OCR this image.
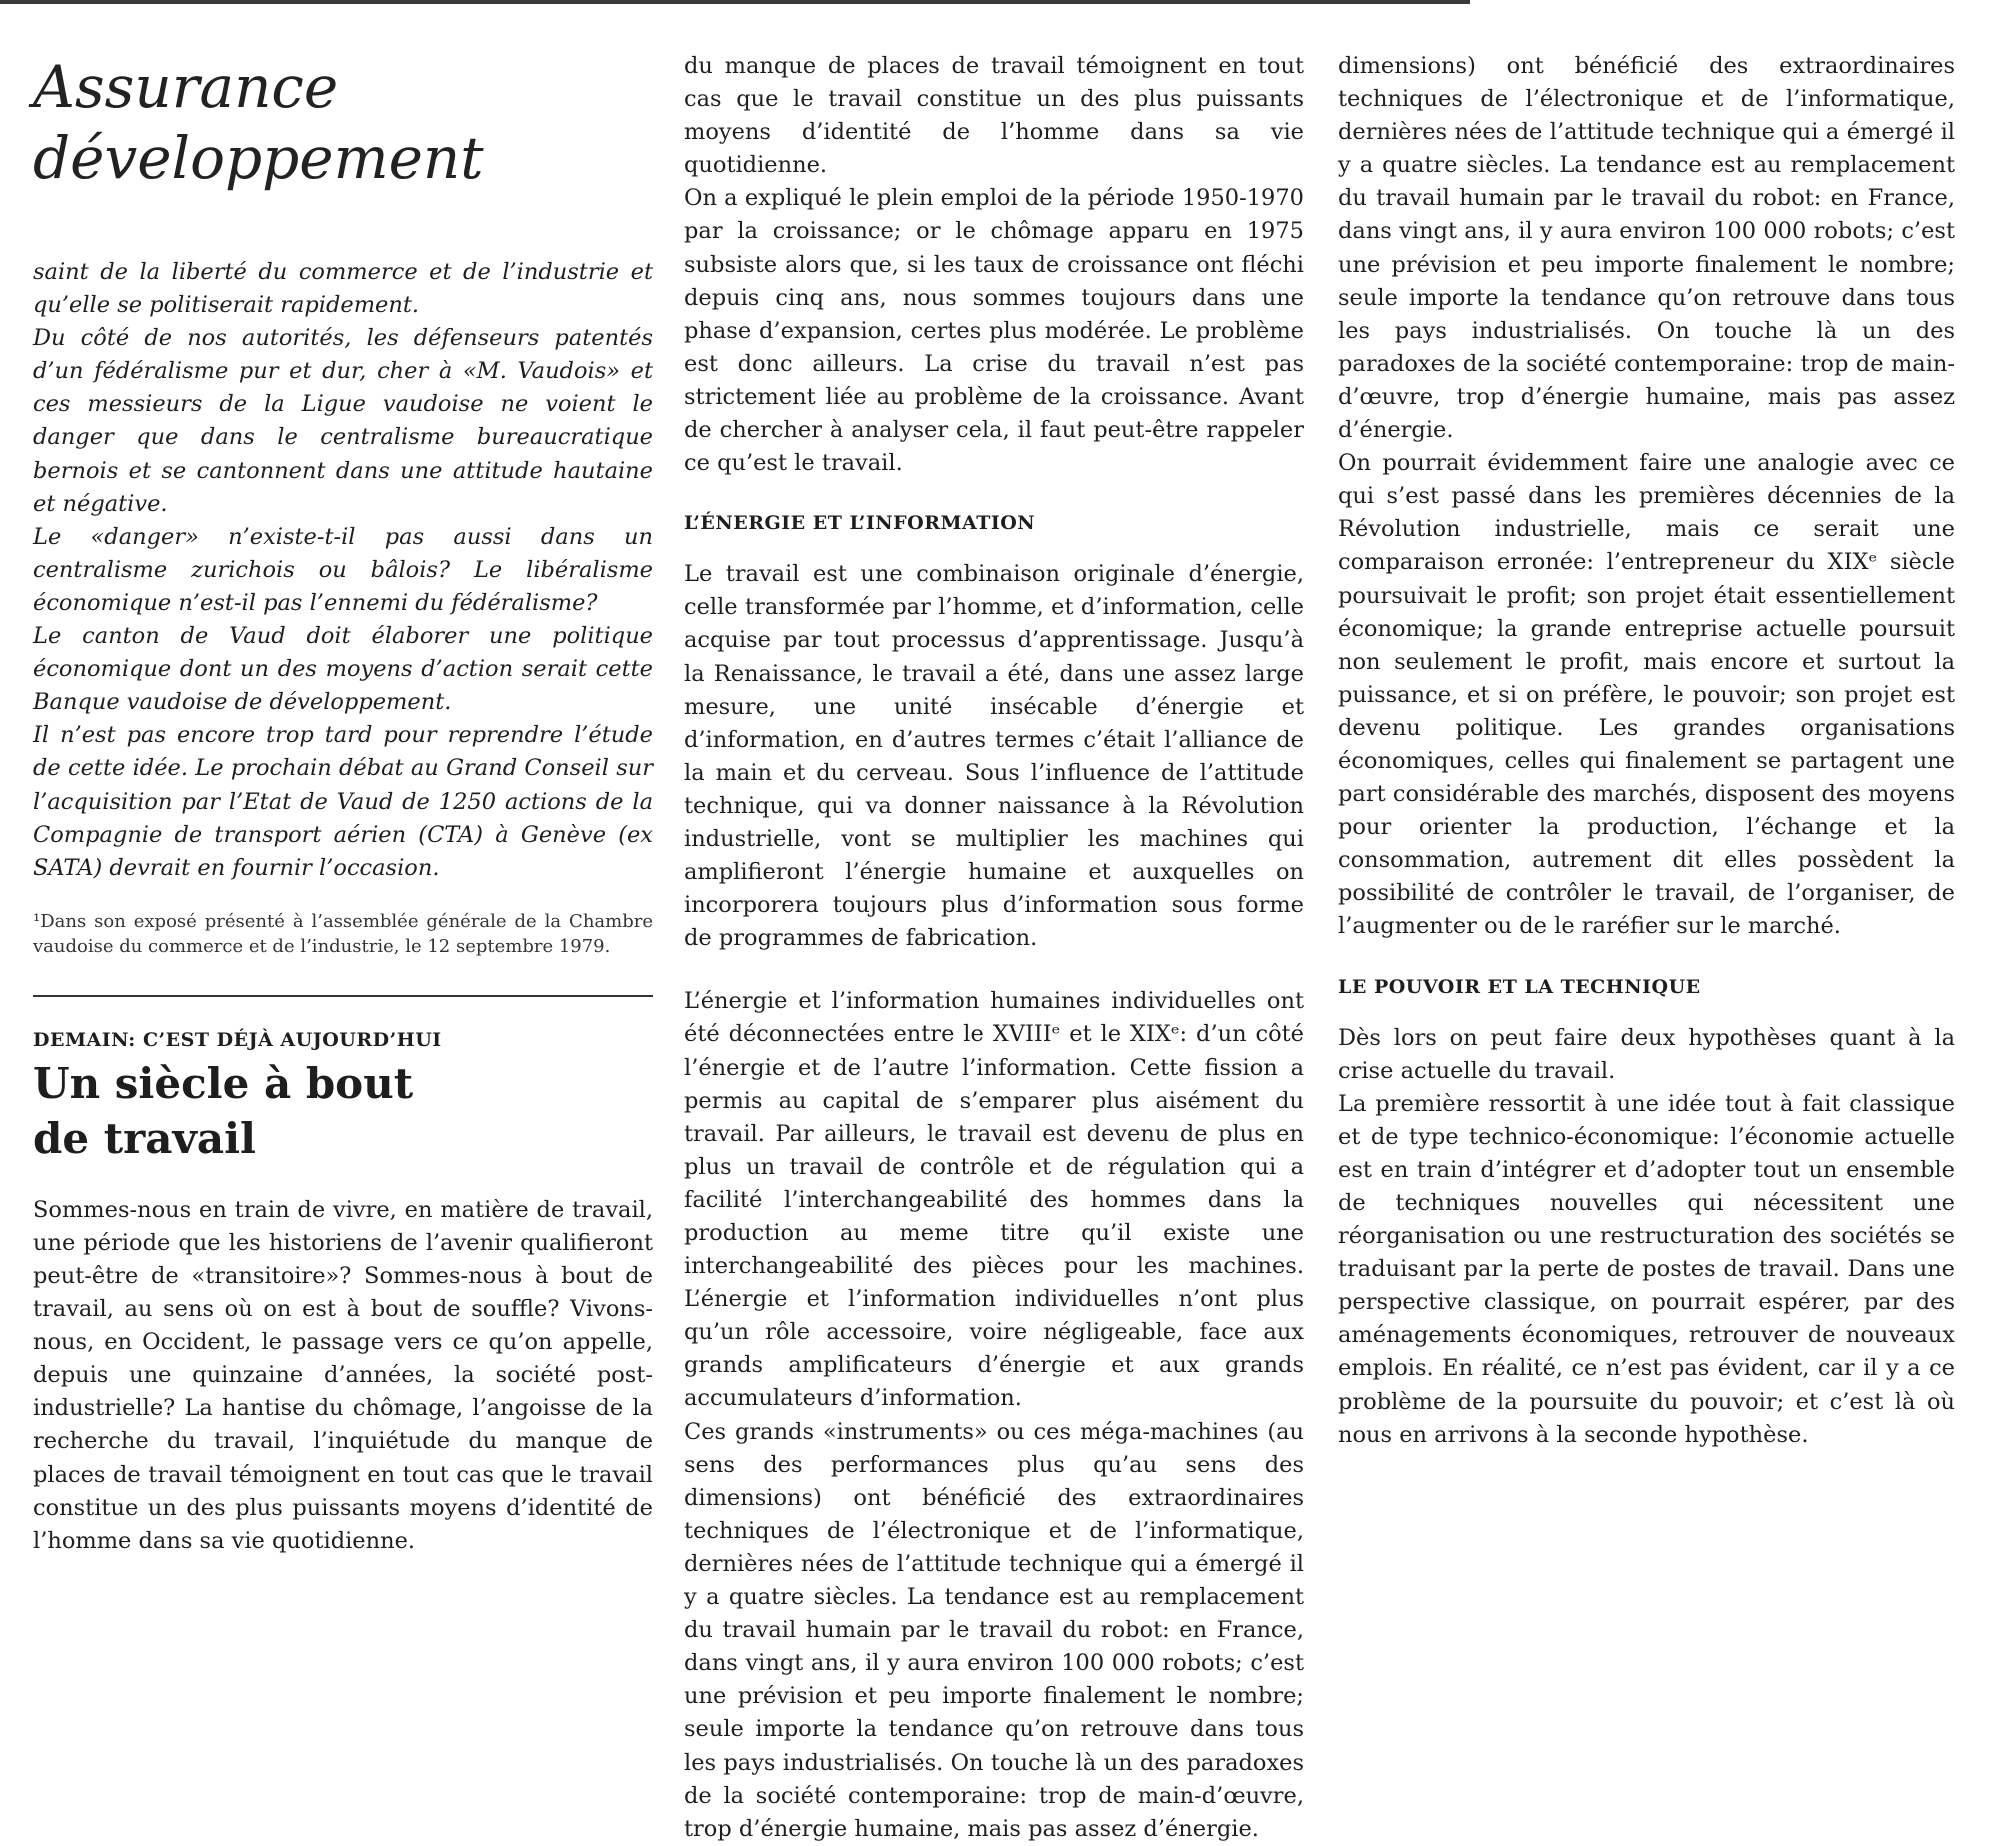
Assurance
développement

saint de la liberté du commerce et de l’industrie et qu’elle se politiserait rapidement.

Du côté de nos autorités, les défenseurs patentés d’un fédéralisme pur et dur, cher à «M. Vaudois» et ces messieurs de la Ligue vaudoise ne voient le danger que dans le centralisme bureaucratique bernois et se cantonnent dans une attitude hautaine et négative.

Le «danger» n’existe-t-il pas aussi dans un centralisme zurichois ou bâlois? Le libéralisme économique n’est-il pas l’ennemi du fédéralisme?

Le canton de Vaud doit élaborer une politique économique dont un des moyens d’action serait cette Banque vaudoise de développement.

Il n’est pas encore trop tard pour reprendre l’étude de cette idée. Le prochain débat au Grand Conseil sur l’acquisition par l’Etat de Vaud de 1250 actions de la Compagnie de transport aérien (CTA) à Genève (ex SATA) devrait en fournir l’occasion.

¹Dans son exposé présenté à l’assemblée générale de la Chambre vaudoise du commerce et de l’industrie, le 12 septembre 1979.

DEMAIN: C’EST DÉJÀ AUJOURD’HUI
Un siècle à bout
de travail

Sommes-nous en train de vivre, en matière de travail, une période que les historiens de l’avenir qualifieront peut-être de «transitoire»? Sommes-nous à bout de travail, au sens où on est à bout de souffle? Vivons-nous, en Occident, le passage vers ce qu’on appelle, depuis une quinzaine d’années, la société post-industrielle? La hantise du chômage, l’angoisse de la recherche du travail, l’inquiétude du manque de places de travail témoignent en tout cas que le travail constitue un des plus puissants moyens d’identité de l’homme dans sa vie quotidienne.

du manque de places de travail témoignent en tout cas que le travail constitue un des plus puissants moyens d’identité de l’homme dans sa vie quotidienne.

On a expliqué le plein emploi de la période 1950-1970 par la croissance; or le chômage apparu en 1975 subsiste alors que, si les taux de croissance ont fléchi depuis cinq ans, nous sommes toujours dans une phase d’expansion, certes plus modérée. Le problème est donc ailleurs. La crise du travail n’est pas strictement liée au problème de la croissance. Avant de chercher à analyser cela, il faut peut-être rappeler ce qu’est le travail.

L’ÉNERGIE ET L’INFORMATION

Le travail est une combinaison originale d’énergie, celle transformée par l’homme, et d’information, celle acquise par tout processus d’apprentissage. Jusqu’à la Renaissance, le travail a été, dans une assez large mesure, une unité insécable d’énergie et d’information, en d’autres termes c’était l’alliance de la main et du cerveau. Sous l’influence de l’attitude technique, qui va donner naissance à la Révolution industrielle, vont se multiplier les machines qui amplifieront l’énergie humaine et auxquelles on incorporera toujours plus d’information sous forme de programmes de fabrication.

L’énergie et l’information humaines individuelles ont été déconnectées entre le XVIIIᵉ et le XIXᵉ: d’un côté l’énergie et de l’autre l’information. Cette fission a permis au capital de s’emparer plus aisément du travail. Par ailleurs, le travail est devenu de plus en plus un travail de contrôle et de régulation qui a facilité l’interchangeabilité des hommes dans la production au meme titre qu’il existe une interchangeabilité des pièces pour les machines. L’énergie et l’information individuelles n’ont plus qu’un rôle accessoire, voire négligeable, face aux grands amplificateurs d’énergie et aux grands accumulateurs d’information.

Ces grands «instruments» ou ces méga-machines (au sens des performances plus qu’au sens des dimensions) ont bénéficié des extraordinaires techniques de l’électronique et de l’informatique, dernières nées de l’attitude technique qui a émergé il y a quatre siècles. La tendance est au remplacement du travail humain par le travail du robot: en France, dans vingt ans, il y aura environ 100 000 robots; c’est une prévision et peu importe finalement le nombre; seule importe la tendance qu’on retrouve dans tous les pays industrialisés. On touche là un des paradoxes de la société contemporaine: trop de main-d’œuvre, trop d’énergie humaine, mais pas assez d’énergie.

dimensions) ont bénéficié des extraordinaires techniques de l’électronique et de l’informatique, dernières nées de l’attitude technique qui a émergé il y a quatre siècles. La tendance est au remplacement du travail humain par le travail du robot: en France, dans vingt ans, il y aura environ 100 000 robots; c’est une prévision et peu importe finalement le nombre; seule importe la tendance qu’on retrouve dans tous les pays industrialisés. On touche là un des paradoxes de la société contemporaine: trop de main-d’œuvre, trop d’énergie humaine, mais pas assez d’énergie.

On pourrait évidemment faire une analogie avec ce qui s’est passé dans les premières décennies de la Révolution industrielle, mais ce serait une comparaison erronée: l’entrepreneur du XIXᵉ siècle poursuivait le profit; son projet était essentiellement économique; la grande entreprise actuelle poursuit non seulement le profit, mais encore et surtout la puissance, et si on préfère, le pouvoir; son projet est devenu politique. Les grandes organisations économiques, celles qui finalement se partagent une part considérable des marchés, disposent des moyens pour orienter la production, l’échange et la consommation, autrement dit elles possèdent la possibilité de contrôler le travail, de l’organiser, de l’augmenter ou de le raréfier sur le marché.

LE POUVOIR ET LA TECHNIQUE

Dès lors on peut faire deux hypothèses quant à la crise actuelle du travail.

La première ressortit à une idée tout à fait classique et de type technico-économique: l’économie actuelle est en train d’intégrer et d’adopter tout un ensemble de techniques nouvelles qui nécessitent une réorganisation ou une restructuration des sociétés se traduisant par la perte de postes de travail. Dans une perspective classique, on pourrait espérer, par des aménagements économiques, retrouver de nouveaux emplois. En réalité, ce n’est pas évident, car il y a ce problème de la poursuite du pouvoir; et c’est là où nous en arrivons à la seconde hypothèse.
